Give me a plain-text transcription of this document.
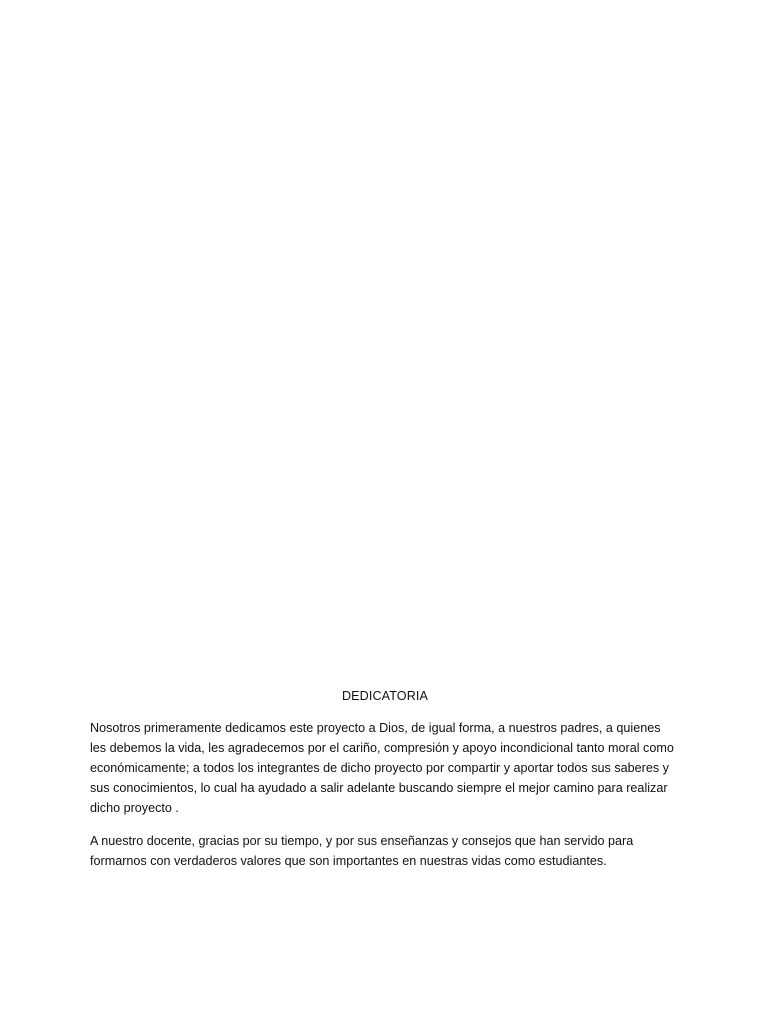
DEDICATORIA

Nosotros primeramente dedicamos este proyecto a Dios, de igual forma, a nuestros padres, a quienes les debemos la vida, les agradecemos por el cariño, compresión y apoyo incondicional tanto moral como económicamente; a todos los integrantes de dicho proyecto por compartir y aportar todos sus saberes y sus conocimientos, lo cual ha ayudado a salir adelante buscando siempre el mejor camino para realizar dicho proyecto .

A nuestro docente, gracias por su tiempo, y por sus enseñanzas y consejos que han servido para formarnos con verdaderos valores que son importantes en nuestras vidas como estudiantes.
